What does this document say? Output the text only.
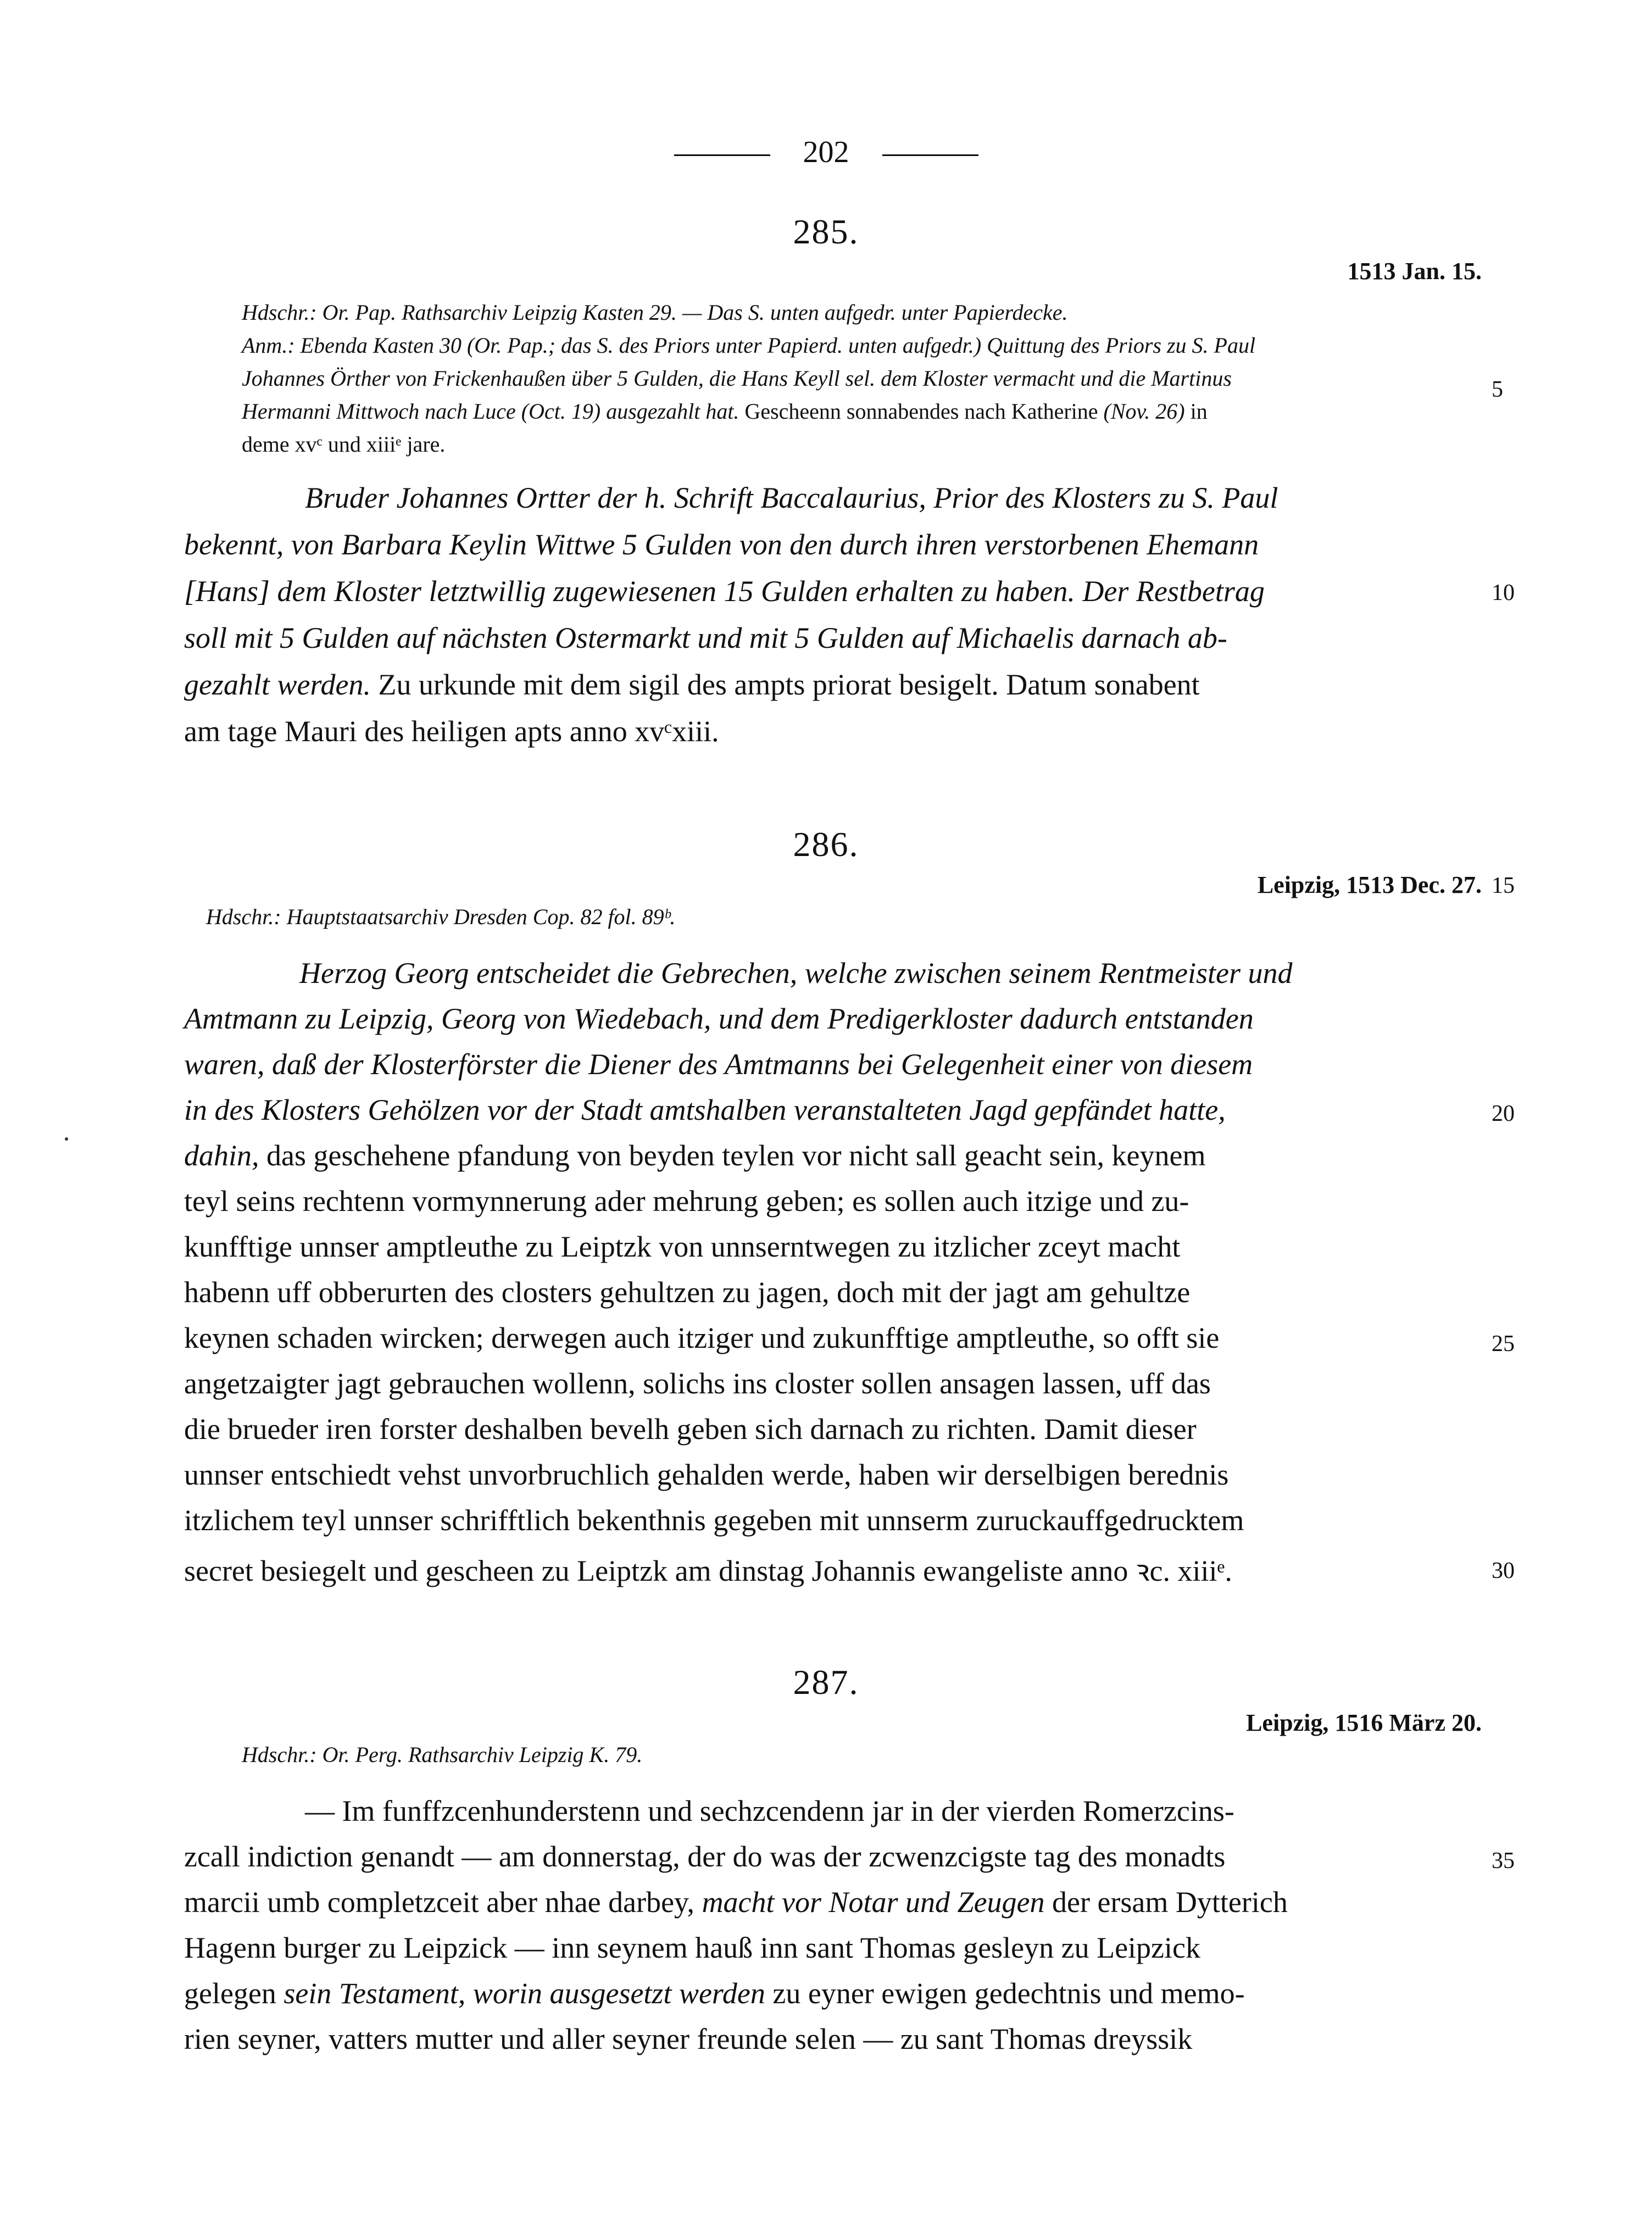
202
285.
1513 Jan. 15.
Hdschr.: Or. Pap. Rathsarchiv Leipzig Kasten 29. — Das S. unten aufgedr. unter Papierdecke.
Anm.: Ebenda Kasten 30 (Or. Pap.; das S. des Priors unter Papierd. unten aufgedr.) Quittung des Priors zu S. Paul
Johannes Örther von Frickenhaußen über 5 Gulden, die Hans Keyll sel. dem Kloster vermacht und die Martinus
Hermanni Mittwoch nach Luce (Oct. 19) ausgezahlt hat. Gescheenn sonnabendes nach Katherine (Nov. 26) in
deme xvᶜ und xiiiᵉ jare.
Bruder Johannes Ortter der h. Schrift Baccalaurius, Prior des Klosters zu S. Paul
bekennt, von Barbara Keylin Wittwe 5 Gulden von den durch ihren verstorbenen Ehemann
[Hans] dem Kloster letztwillig zugewiesenen 15 Gulden erhalten zu haben. Der Restbetrag
soll mit 5 Gulden auf nächsten Ostermarkt und mit 5 Gulden auf Michaelis darnach ab-
gezahlt werden. Zu urkunde mit dem sigil des ampts priorat besigelt. Datum sonabent
am tage Mauri des heiligen apts anno xvᶜxiii.
5
10
286.
Leipzig, 1513 Dec. 27. 15
Hdschr.: Hauptstaatsarchiv Dresden Cop. 82 fol. 89ᵇ.
Herzog Georg entscheidet die Gebrechen, welche zwischen seinem Rentmeister und
Amtmann zu Leipzig, Georg von Wiedebach, und dem Predigerkloster dadurch entstanden
waren, daß der Klosterförster die Diener des Amtmanns bei Gelegenheit einer von diesem
in des Klosters Gehölzen vor der Stadt amtshalben veranstalteten Jagd gepfändet hatte,
dahin, das geschehene pfandung von beyden teylen vor nicht sall geacht sein, keynem
teyl seins rechtenn vormynnerung ader mehrung geben; es sollen auch itzige und zu-
kunfftige unnser amptleuthe zu Leiptzk von unnserntwegen zu itzlicher zceyt macht
habenn uff obberurten des closters gehultzen zu jagen, doch mit der jagt am gehultze
keynen schaden wircken; derwegen auch itziger und zukunfftige amptleuthe, so offt sie
angetzaigter jagt gebrauchen wollenn, solichs ins closter sollen ansagen lassen, uff das
die brueder iren forster deshalben bevelh geben sich darnach zu richten. Damit dieser
unnser entschiedt vehst unvorbruchlich gehalden werde, haben wir derselbigen berednis
itzlichem teyl unnser schrifftlich bekenthnis gegeben mit unnserm zuruckauffgedrucktem
secret besiegelt und gescheen zu Leiptzk am dinstag Johannis ewangeliste anno ꝛc. xiiiᵉ.
20
25
30
287.
Leipzig, 1516 März 20.
Hdschr.: Or. Perg. Rathsarchiv Leipzig K. 79.
— Im funffzcenhunderstenn und sechzcendenn jar in der vierden Romerzcins-
zcall indiction genandt — am donnerstag, der do was der zcwenzcigste tag des monadts
marcii umb completzceit aber nhae darbey, macht vor Notar und Zeugen der ersam Dytterich
Hagenn burger zu Leipzick — inn seynem hauß inn sant Thomas gesleyn zu Leipzick
gelegen sein Testament, worin ausgesetzt werden zu eyner ewigen gedechtnis und memo-
rien seyner, vatters mutter und aller seyner freunde selen — zu sant Thomas dreyssik
35
